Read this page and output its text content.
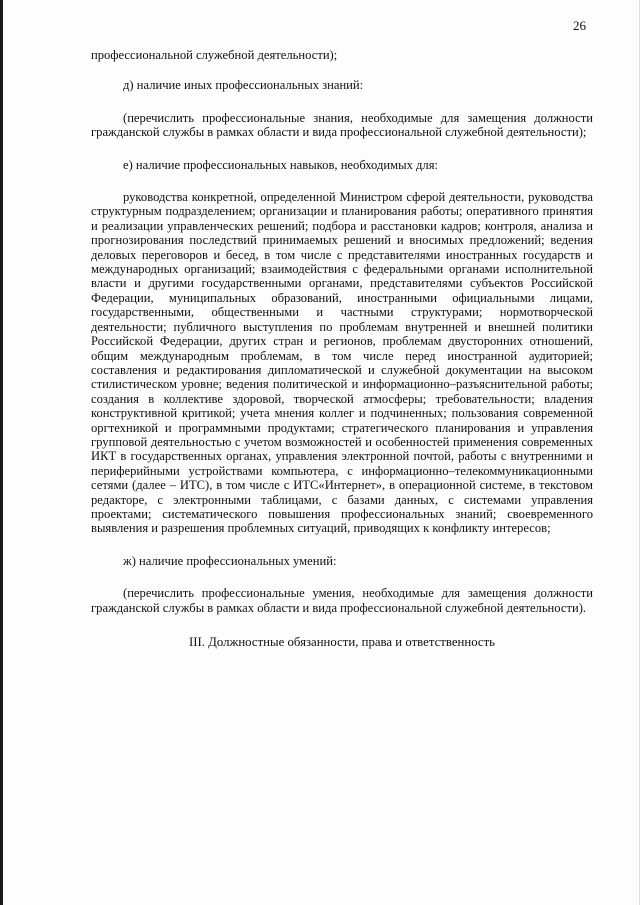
26

профессиональной служебной деятельности);

д) наличие иных профессиональных знаний:

(перечислить профессиональные знания, необходимые для замещения должности гражданской службы в рамках области и вида профессиональной служебной деятельности);

е) наличие профессиональных навыков, необходимых для:

руководства конкретной, определенной Министром сферой деятельности, руководства структурным подразделением; организации и планирования работы; оперативного принятия и реализации управленческих решений; подбора и расстановки кадров; контроля, анализа и прогнозирования последствий принимаемых решений и вносимых предложений; ведения деловых переговоров и бесед, в том числе с представителями иностранных государств и международных организаций; взаимодействия с федеральными органами исполнительной власти и другими государственными органами, представителями субъектов Российской Федерации, муниципальных образований, иностранными официальными лицами, государственными, общественными и частными структурами; нормотворческой деятельности; публичного выступления по проблемам внутренней и внешней политики Российской Федерации, других стран и регионов, проблемам двусторонних отношений, общим международным проблемам, в том числе перед иностранной аудиторией; составления и редактирования дипломатической и служебной документации на высоком стилистическом уровне; ведения политической и информационно–разъяснительной работы; создания в коллективе здоровой, творческой атмосферы; требовательности; владения конструктивной критикой; учета мнения коллег и подчиненных; пользования современной оргтехникой и программными продуктами; стратегического планирования и управления групповой деятельностью с учетом возможностей и особенностей применения современных ИКТ в государственных органах, управления электронной почтой, работы с внутренними и периферийными устройствами компьютера, с информационно–телекоммуникационными сетями (далее – ИТС), в том числе с ИТС«Интернет», в операционной системе, в текстовом редакторе, с электронными таблицами, с базами данных, с системами управления проектами; систематического повышения профессиональных знаний; своевременного выявления и разрешения проблемных ситуаций, приводящих к конфликту интересов;

ж) наличие профессиональных умений:

(перечислить профессиональные умения, необходимые для замещения должности гражданской службы в рамках области и вида профессиональной служебной деятельности).

III. Должностные обязанности, права и ответственность
